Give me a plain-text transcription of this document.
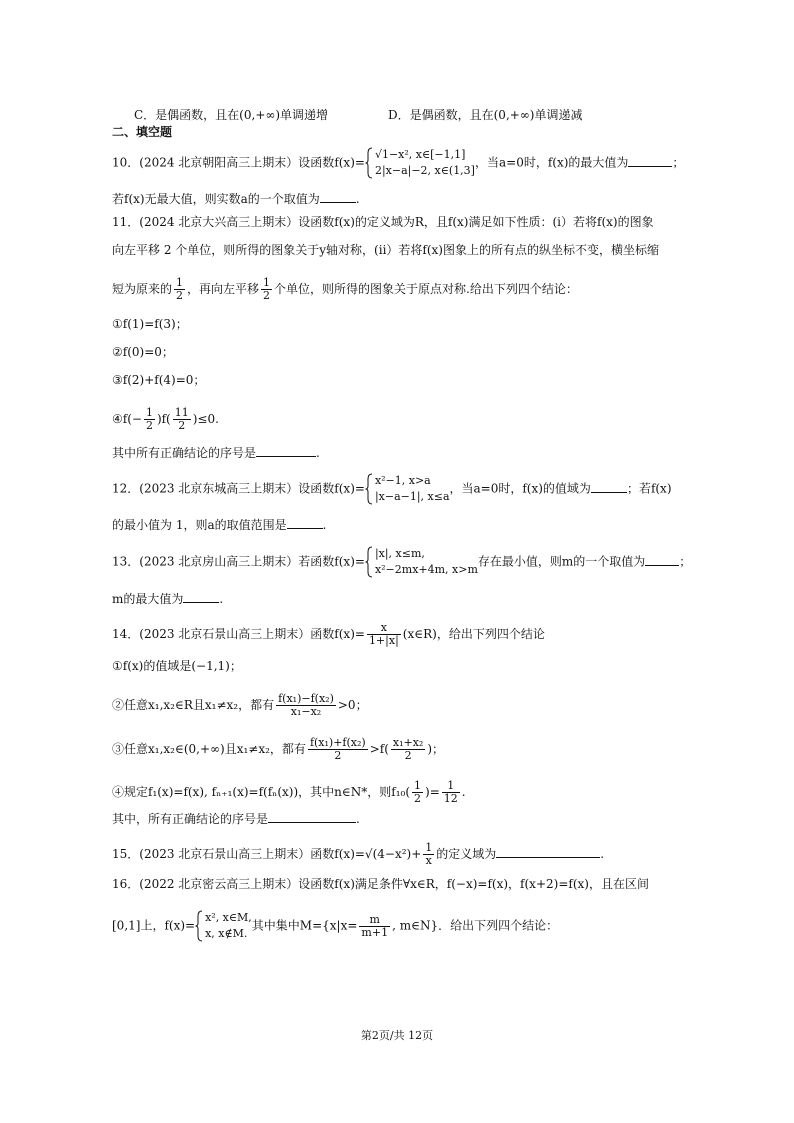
C．是偶函数，且在(0,+∞)单调递增	D．是偶函数，且在(0,+∞)单调递减
二、填空题
10．(2024 北京朝阳高三上期末）设函数f(x)=
√1−x², x∈[−1,1]
2|x−a|−2, x∈(1,3]
，当a=0时，f(x)的最大值为	；
若f(x)无最大值，则实数a的一个取值为	.
11．(2024 北京大兴高三上期末）设函数f(x)的定义域为R，且f(x)满足如下性质：(i）若将f(x)的图象
向左平移 2 个单位，则所得的图象关于y轴对称，(ii）若将f(x)图象上的所有点的纵坐标不变，横坐标缩
短为原来的 $\frac{1}{2}$ ，再向左平移 $\frac{1}{2}$ 个单位，则所得的图象关于原点对称.给出下列四个结论：
①f(1)=f(3)；
②f(0)=0；
③f(2)+f(4)=0；
④f(− $\frac{1}{2} )f( \frac{11}{2} )\le 0$.
其中所有正确结论的序号是	.
12．(2023 北京东城高三上期末）设函数f(x)=
x²−1, x>a
|x−a−1|, x≤a
，当a=0时，f(x)的值域为	；若f(x)
的最小值为 1，则a的取值范围是	.
13．(2023 北京房山高三上期末）若函数f(x)=
|x|, x≤m,
x²−2mx+4m, x>m
存在最小值，则m的一个取值为	；
m的最大值为	.
14．(2023 北京石景山高三上期末）函数$f(x)= \frac{x}{1+|x|}$ (x∈R)，给出下列四个结论
①f(x)的值域是(−1,1)；
②任意x₁,x₂∈R且x₁≠x₂，都有 $\frac{\text{f(x₁)−f(x₂)}}{\text{x₁−x₂}} >0$；
③任意x₁,x₂∈(0,+∞)且x₁≠x₂，都有 $\frac{\text{f(x₁)+f(x₂)}}{2} >f( \frac{\text{x₁+x₂}}{2}$ )；
④规定f₁(x)=f(x), fₙ₊₁(x)=f(fₙ(x))，其中n∈N*，则$f_{10}( \frac{1}{2}$ )= $\frac{1}{12}$ .
其中，所有正确结论的序号是	.
15．(2023 北京石景山高三上期末）函数$f(x)=√(4-x^2)+ \frac{1}{x}$ 的定义域为	.
16．(2022 北京密云高三上期末）设函数f(x)满足条件∀x∈R，f(−x)=f(x)，f(x+2)=f(x)，且在区间
[0,1]上，f(x)=
x², x∈M,
x, x∉M.
其中集中$M=\{x|x= \frac{m}{m+1}$ , m∈N}．给出下列四个结论：
第2页/共 12页
